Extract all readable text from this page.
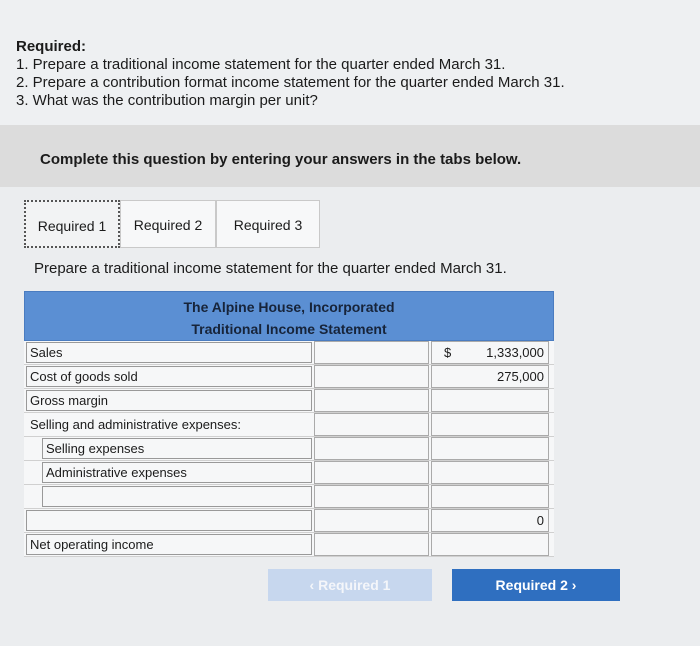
Required:
1. Prepare a traditional income statement for the quarter ended March 31.
2. Prepare a contribution format income statement for the quarter ended March 31.
3. What was the contribution margin per unit?
Complete this question by entering your answers in the tabs below.
Required 1	Required 2	Required 3
Prepare a traditional income statement for the quarter ended March 31.
The Alpine House, Incorporated
Traditional Income Statement
Sales	$	1,333,000
Cost of goods sold	275,000
Gross margin
Selling and administrative expenses:
Selling expenses
Administrative expenses
0
Net operating income
‹ Required 1	Required 2 ›
